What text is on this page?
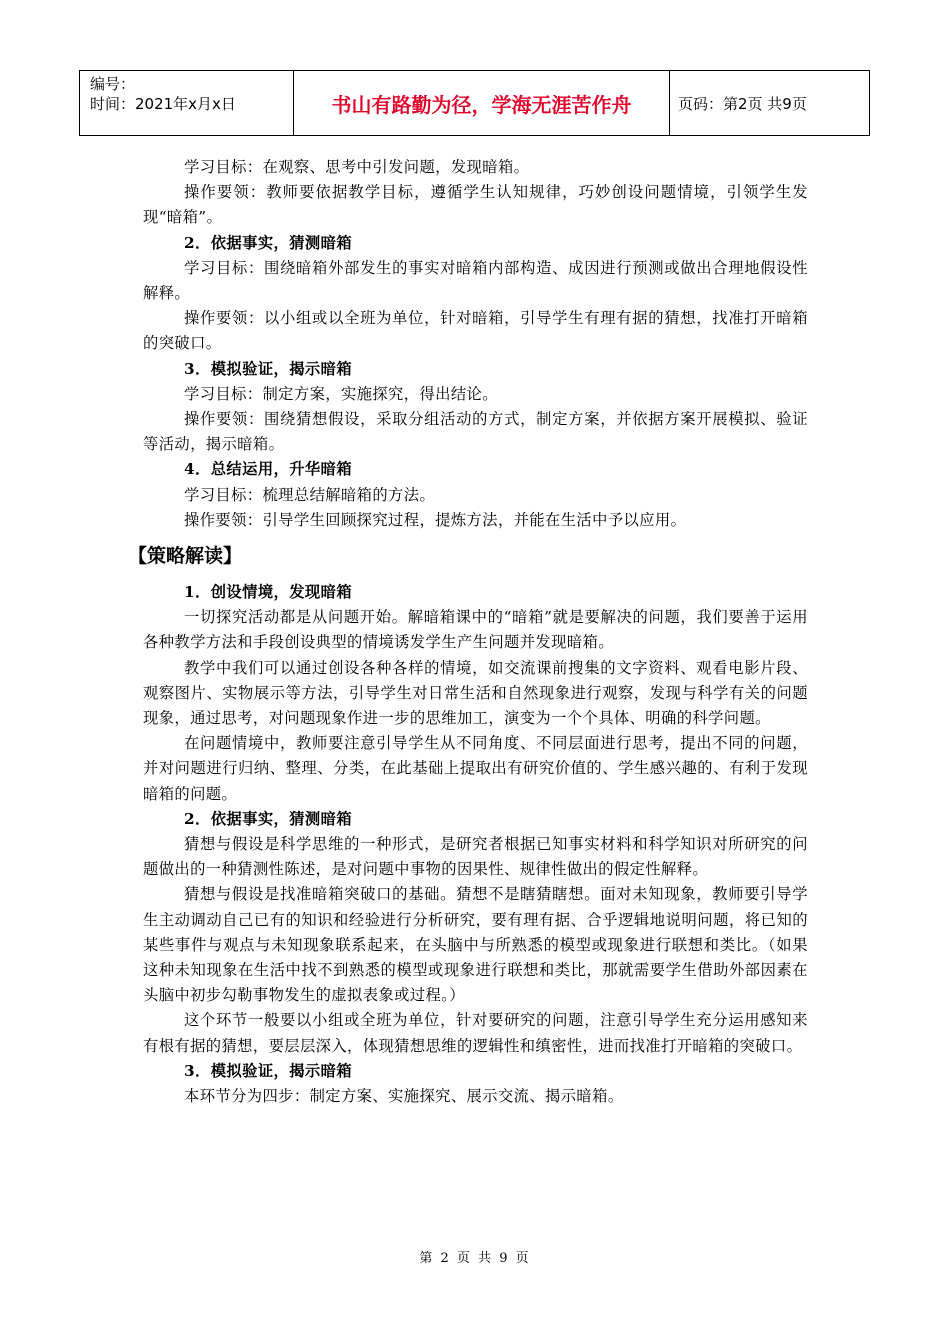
编号：
时间：2021年x月x日	书山有路勤为径，学海无涯苦作舟	页码：第2页 共9页

学习目标：在观察、思考中引发问题，发现暗箱。

操作要领：教师要依据教学目标，遵循学生认知规律，巧妙创设问题情境，引领学生发现“暗箱”。

2．依据事实，猜测暗箱

学习目标：围绕暗箱外部发生的事实对暗箱内部构造、成因进行预测或做出合理地假设性解释。

操作要领：以小组或以全班为单位，针对暗箱，引导学生有理有据的猜想，找准打开暗箱的突破口。

3．模拟验证，揭示暗箱

学习目标：制定方案，实施探究，得出结论。

操作要领：围绕猜想假设，采取分组活动的方式，制定方案，并依据方案开展模拟、验证等活动，揭示暗箱。

4．总结运用，升华暗箱

学习目标：梳理总结解暗箱的方法。

操作要领：引导学生回顾探究过程，提炼方法，并能在生活中予以应用。

【策略解读】

1．创设情境，发现暗箱

一切探究活动都是从问题开始。解暗箱课中的“暗箱”就是要解决的问题，我们要善于运用各种教学方法和手段创设典型的情境诱发学生产生问题并发现暗箱。

教学中我们可以通过创设各种各样的情境，如交流课前搜集的文字资料、观看电影片段、观察图片、实物展示等方法，引导学生对日常生活和自然现象进行观察，发现与科学有关的问题现象，通过思考，对问题现象作进一步的思维加工，演变为一个个具体、明确的科学问题。

在问题情境中，教师要注意引导学生从不同角度、不同层面进行思考，提出不同的问题，并对问题进行归纳、整理、分类，在此基础上提取出有研究价值的、学生感兴趣的、有利于发现暗箱的问题。

2．依据事实，猜测暗箱

猜想与假设是科学思维的一种形式，是研究者根据已知事实材料和科学知识对所研究的问题做出的一种猜测性陈述，是对问题中事物的因果性、规律性做出的假定性解释。

猜想与假设是找准暗箱突破口的基础。猜想不是瞎猜瞎想。面对未知现象，教师要引导学生主动调动自己已有的知识和经验进行分析研究，要有理有据、合乎逻辑地说明问题，将已知的某些事件与观点与未知现象联系起来，在头脑中与所熟悉的模型或现象进行联想和类比。（如果这种未知现象在生活中找不到熟悉的模型或现象进行联想和类比，那就需要学生借助外部因素在头脑中初步勾勒事物发生的虚拟表象或过程。）

这个环节一般要以小组或全班为单位，针对要研究的问题，注意引导学生充分运用感知来有根有据的猜想，要层层深入，体现猜想思维的逻辑性和缜密性，进而找准打开暗箱的突破口。

3．模拟验证，揭示暗箱

本环节分为四步：制定方案、实施探究、展示交流、揭示暗箱。

第 2 页 共 9 页
